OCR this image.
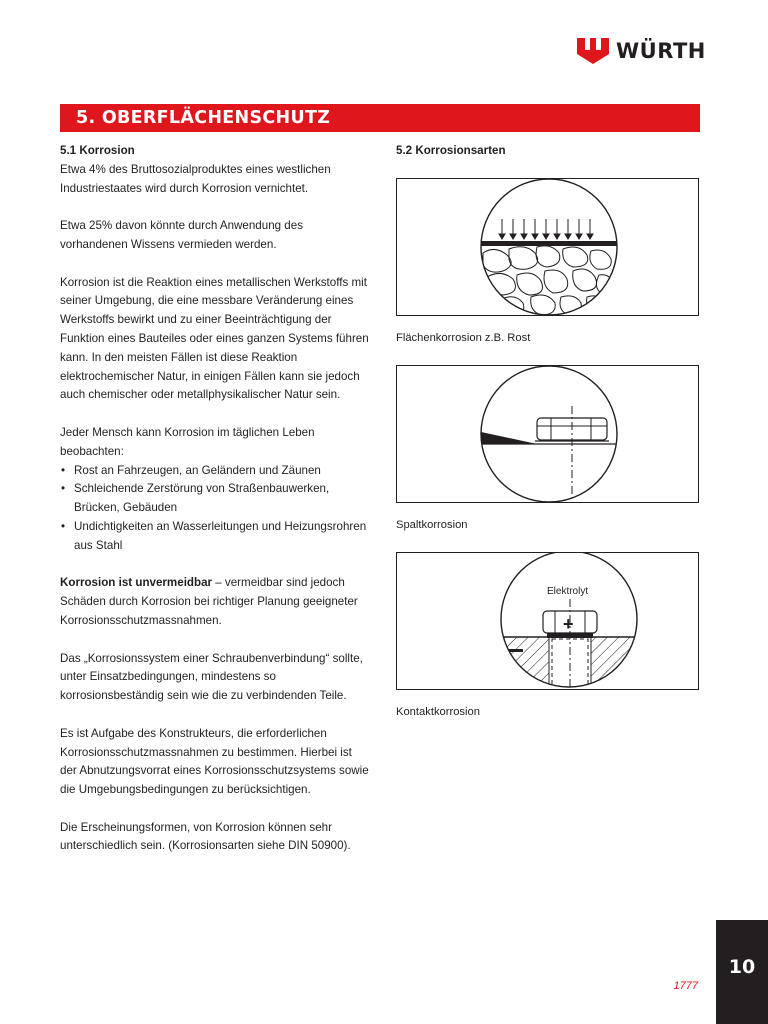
WÜRTH
5. OBERFLÄCHENSCHUTZ
5.1 Korrosion

Etwa 4% des Bruttosozialproduktes eines westlichen Industriestaates wird durch Korrosion vernichtet.

Etwa 25% davon könnte durch Anwendung des vorhandenen Wissens vermieden werden.

Korrosion ist die Reaktion eines metallischen Werkstoffs mit seiner Umgebung, die eine messbare Veränderung eines Werkstoffs bewirkt und zu einer Beeinträchtigung der Funktion eines Bauteiles oder eines ganzen Systems führen kann. In den meisten Fällen ist diese Reaktion elektrochemischer Natur, in einigen Fällen kann sie jedoch auch chemischer oder metallphysikalischer Natur sein.

Jeder Mensch kann Korrosion im täglichen Leben beobachten:
• Rost an Fahrzeugen, an Geländern und Zäunen
• Schleichende Zerstörung von Straßenbauwerken, Brücken, Gebäuden
• Undichtigkeiten an Wasserleitungen und Heizungsrohren aus Stahl

Korrosion ist unvermeidbar – vermeidbar sind jedoch Schäden durch Korrosion bei richtiger Planung geeigneter Korrosionsschutzmassnahmen.

Das „Korrosionssystem einer Schraubenverbindung“ sollte, unter Einsatzbedingungen, mindestens so korrosionsbeständig sein wie die zu verbindenden Teile.

Es ist Aufgabe des Konstrukteurs, die erforderlichen Korrosionsschutzmassnahmen zu bestimmen. Hierbei ist der Abnutzungsvorrat eines Korrosionsschutzsystems sowie die Umgebungsbedingungen zu berücksichtigen.

Die Erscheinungsformen, von Korrosion können sehr unterschiedlich sein. (Korrosionsarten siehe DIN 50900).

5.2 Korrosionsarten
Flächenkorrosion z.B. Rost
Spaltkorrosion
Elektrolyt
+
–
Kontaktkorrosion
10
1777
